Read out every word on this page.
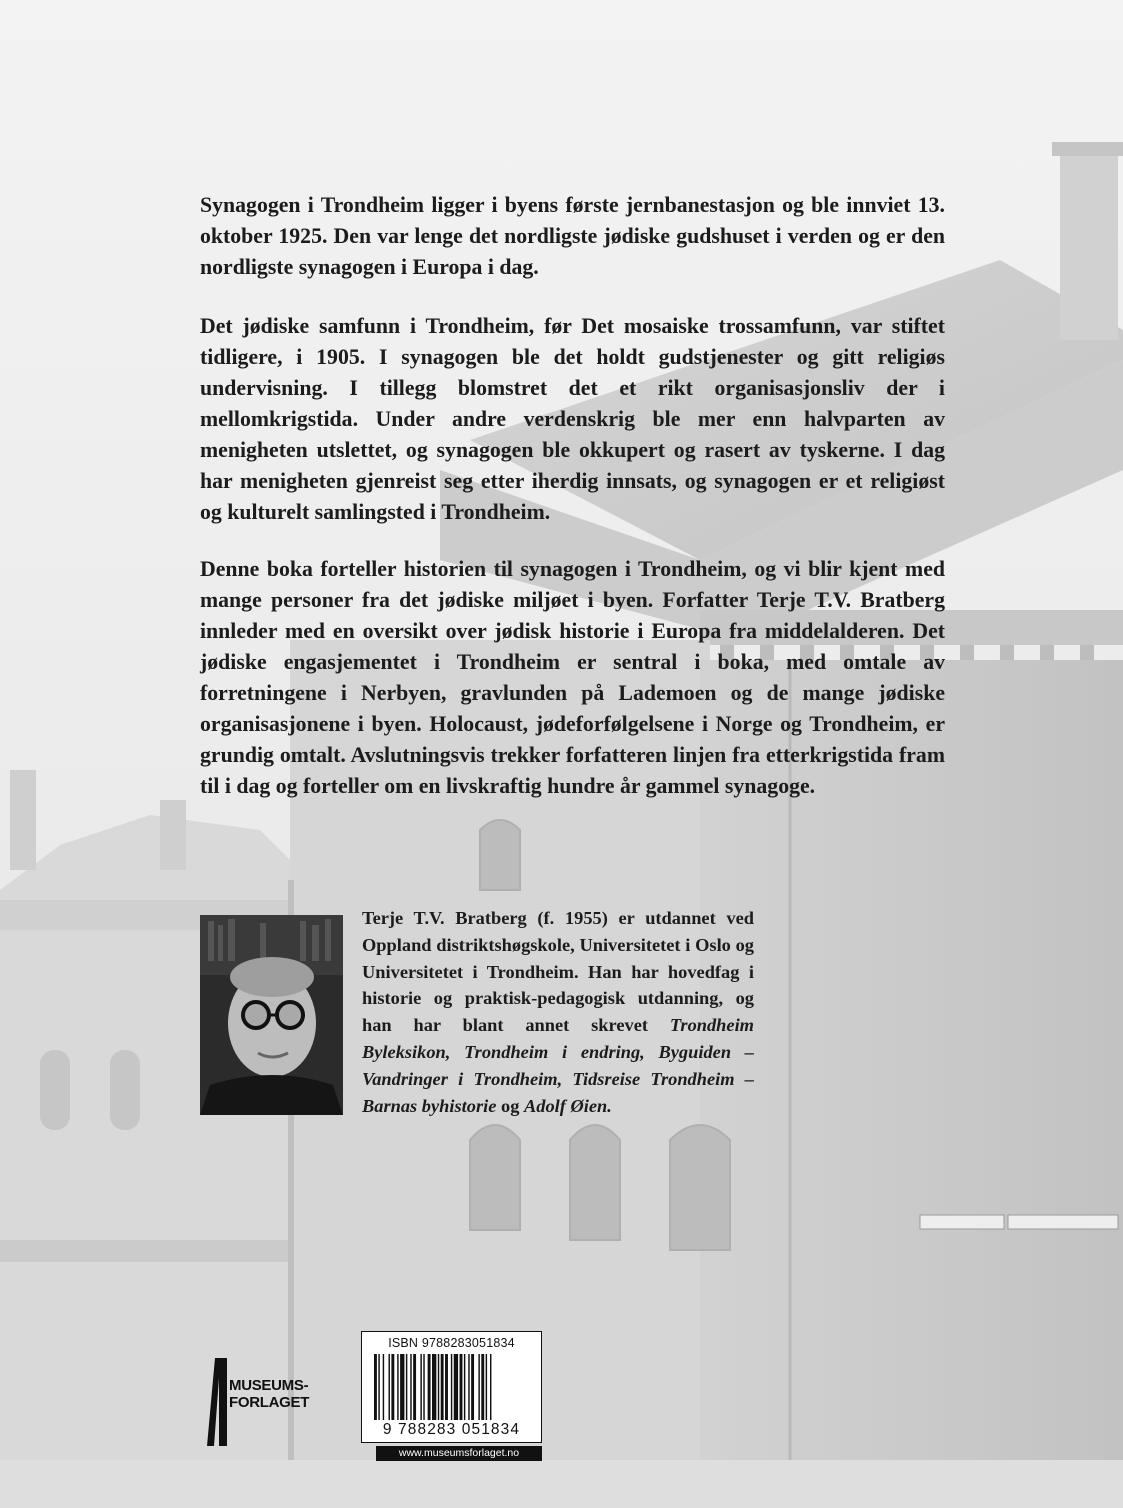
Synagogen i Trondheim ligger i byens første jernbanestasjon og ble innviet 13. oktober 1925. Den var lenge det nordligste jødiske gudshuset i verden og er den nordligste synagogen i Europa i dag.

Det jødiske samfunn i Trondheim, før Det mosaiske trossamfunn, var stiftet tidligere, i 1905. I synagogen ble det holdt gudstjenester og gitt religiøs undervisning. I tillegg blomstret det et rikt organisasjonsliv der i mellomkrigstida. Under andre verdenskrig ble mer enn halvparten av menigheten utslettet, og synagogen ble okkupert og rasert av tyskerne. I dag har menigheten gjenreist seg etter iherdig innsats, og synagogen er et religiøst og kulturelt samlingsted i Trondheim.

Denne boka forteller historien til synagogen i Trondheim, og vi blir kjent med mange personer fra det jødiske miljøet i byen. Forfatter Terje T.V. Bratberg innleder med en oversikt over jødisk historie i Europa fra middelalderen. Det jødiske engasjementet i Trondheim er sentral i boka, med omtale av forretningene i Nerbyen, gravlunden på Lademoen og de mange jødiske organisasjonene i byen. Holocaust, jødeforfølgelsene i Norge og Trondheim, er grundig omtalt. Avslutningsvis trekker forfatteren linjen fra etterkrigstida fram til i dag og forteller om en livskraftig hundre år gammel synagoge.

Terje T.V. Bratberg (f. 1955) er utdannet ved Oppland distriktshøgskole, Universitetet i Oslo og Universitetet i Trondheim. Han har hovedfag i historie og praktisk-pedagogisk utdanning, og han har blant annet skrevet Trondheim Byleksikon, Trondheim i endring, Byguiden – Vandringer i Trondheim, Tidsreise Trondheim – Barnas byhistorie og Adolf Øien.

MUSEUMS-
FORLAGET
ISBN 9788283051834
9 788283 051834
www.museumsforlaget.no
